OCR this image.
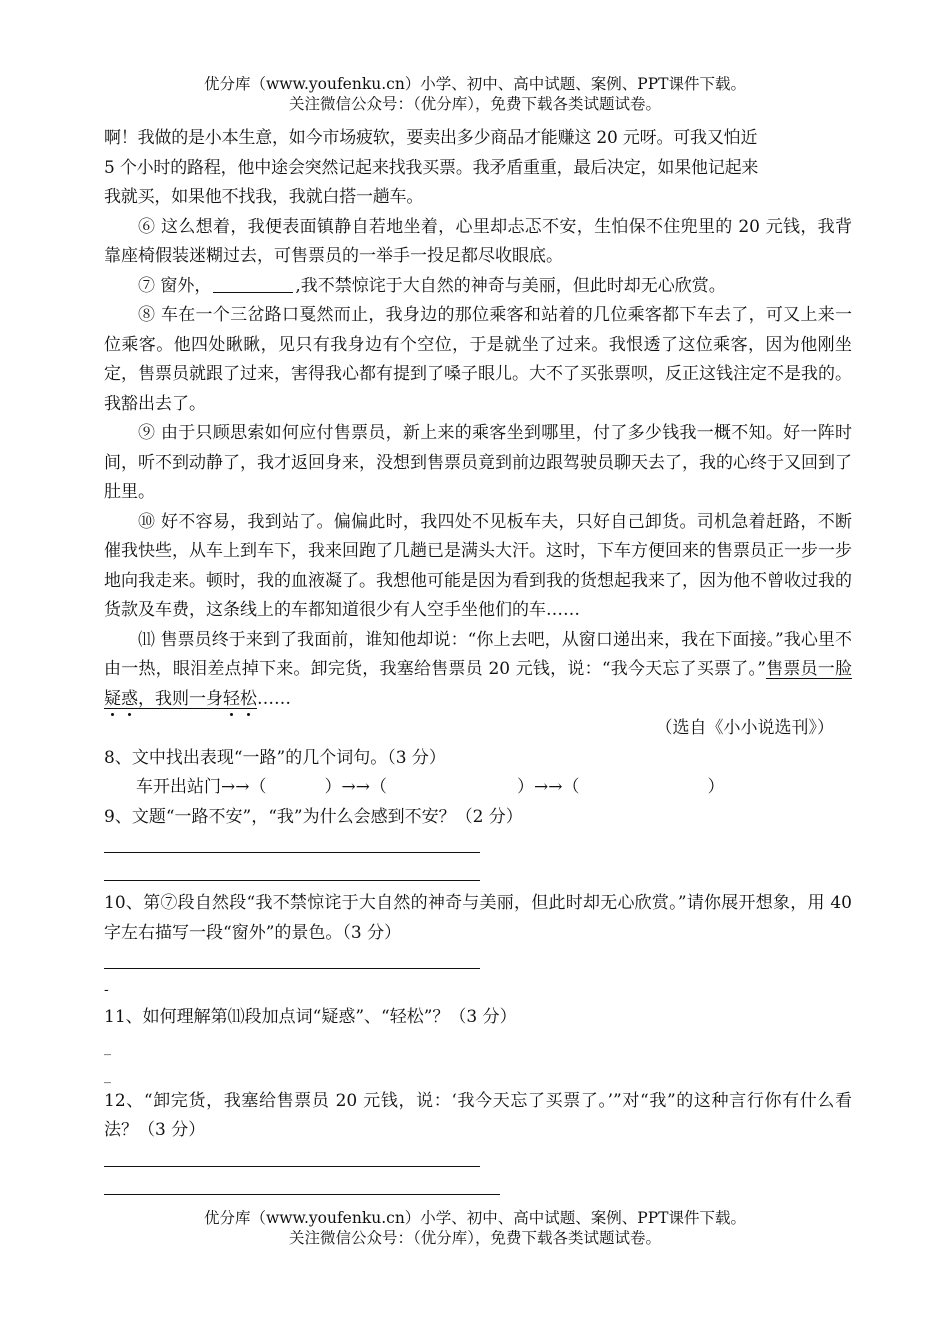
优分库（www.youfenku.cn）小学、初中、高中试题、案例、PPT课件下载。
关注微信公众号：（优分库），免费下载各类试题试卷。
啊！我做的是小本生意，如今市场疲软，要卖出多少商品才能赚这 20 元呀。可我又怕近
5 个小时的路程，他中途会突然记起来找我买票。我矛盾重重，最后决定，如果他记起来
我就买，如果他不找我，我就白搭一趟车。
⑥ 这么想着，我便表面镇静自若地坐着，心里却忐忑不安，生怕保不住兜里的 20 元钱，我背靠座椅假装迷糊过去，可售票员的一举手一投足都尽收眼底。
⑦ 窗外，	,我不禁惊诧于大自然的神奇与美丽，但此时却无心欣赏。
⑧ 车在一个三岔路口戛然而止，我身边的那位乘客和站着的几位乘客都下车去了，可又上来一位乘客。他四处瞅瞅，见只有我身边有个空位，于是就坐了过来。我恨透了这位乘客，因为他刚坐定，售票员就跟了过来，害得我心都有提到了嗓子眼儿。大不了买张票呗，反正这钱注定不是我的。我豁出去了。
⑨ 由于只顾思索如何应付售票员，新上来的乘客坐到哪里，付了多少钱我一概不知。好一阵时间，听不到动静了，我才返回身来，没想到售票员竟到前边跟驾驶员聊天去了，我的心终于又回到了肚里。
⑩ 好不容易，我到站了。偏偏此时，我四处不见板车夫，只好自己卸货。司机急着赶路，不断催我快些，从车上到车下，我来回跑了几趟已是满头大汗。这时，下车方便回来的售票员正一步一步地向我走来。顿时，我的血液凝了。我想他可能是因为看到我的货想起我来了，因为他不曾收过我的货款及车费，这条线上的车都知道很少有人空手坐他们的车……
⑾ 售票员终于来到了我面前，谁知他却说：“你上去吧，从窗口递出来，我在下面接。”我心里不由一热，眼泪差点掉下来。卸完货，我塞给售票员 20 元钱，说：“我今天忘了买票了。”售票员一脸疑惑，我则一身轻松……
（选自《小小说选刊》）
8、文中找出表现“一路”的几个词句。（3 分）
车开出站门→→（	）→→（	）→→（	）
9、文题“一路不安”，“我”为什么会感到不安？（2 分）
10、第⑦段自然段“我不禁惊诧于大自然的神奇与美丽，但此时却无心欣赏。”请你展开想象，用 40 字左右描写一段“窗外”的景色。（3 分）
-
11、如何理解第⑾段加点词“疑惑”、“轻松”？（3 分）
_
_
12、“卸完货，我塞给售票员 20 元钱，说：‘我今天忘了买票了。’”对“我”的这种言行你有什么看法？（3 分）
优分库（www.youfenku.cn）小学、初中、高中试题、案例、PPT课件下载。
关注微信公众号：（优分库），免费下载各类试题试卷。
